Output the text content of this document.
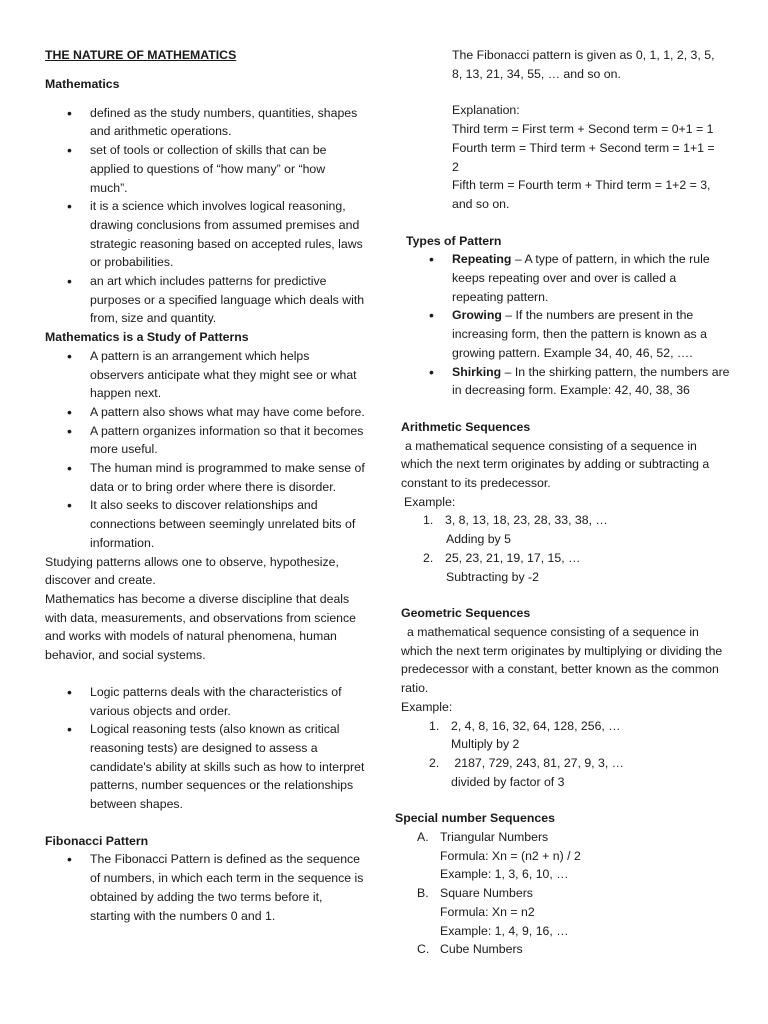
THE NATURE OF MATHEMATICS

Mathematics

• defined as the study numbers, quantities, shapes and arithmetic operations.
• set of tools or collection of skills that can be applied to questions of “how many” or “how much”.
• it is a science which involves logical reasoning, drawing conclusions from assumed premises and strategic reasoning based on accepted rules, laws or probabilities.
• an art which includes patterns for predictive purposes or a specified language which deals with from, size and quantity.

Mathematics is a Study of Patterns

• A pattern is an arrangement which helps observers anticipate what they might see or what happen next.
• A pattern also shows what may have come before.
• A pattern organizes information so that it becomes more useful.
• The human mind is programmed to make sense of data or to bring order where there is disorder.
• It also seeks to discover relationships and connections between seemingly unrelated bits of information.

Studying patterns allows one to observe, hypothesize, discover and create.

Mathematics has become a diverse discipline that deals with data, measurements, and observations from science and works with models of natural phenomena, human behavior, and social systems.

• Logic patterns deals with the characteristics of various objects and order.
• Logical reasoning tests (also known as critical reasoning tests) are designed to assess a candidate's ability at skills such as how to interpret patterns, number sequences or the relationships between shapes.

Fibonacci Pattern

• The Fibonacci Pattern is defined as the sequence of numbers, in which each term in the sequence is obtained by adding the two terms before it, starting with the numbers 0 and 1.

The Fibonacci pattern is given as 0, 1, 1, 2, 3, 5, 8, 13, 21, 34, 55, … and so on.

Explanation:

Third term = First term + Second term = 0+1 = 1

Fourth term = Third term + Second term = 1+1 = 2

Fifth term = Fourth term + Third term = 1+2 = 3, and so on.

Types of Pattern

• Repeating – A type of pattern, in which the rule keeps repeating over and over is called a repeating pattern.
• Growing – If the numbers are present in the increasing form, then the pattern is known as a growing pattern. Example 34, 40, 46, 52, ….
• Shirking – In the shirking pattern, the numbers are in decreasing form. Example: 42, 40, 38, 36

Arithmetic Sequences

a mathematical sequence consisting of a sequence in which the next term originates by adding or subtracting a constant to its predecessor.

Example:

1. 3, 8, 13, 18, 23, 28, 33, 38, …
Adding by 5
2. 25, 23, 21, 19, 17, 15, …
Subtracting by -2

Geometric Sequences

a mathematical sequence consisting of a sequence in which the next term originates by multiplying or dividing the predecessor with a constant, better known as the common ratio.

Example:

1. 2, 4, 8, 16, 32, 64, 128, 256, …
Multiply by 2
2. 2187, 729, 243, 81, 27, 9, 3, …
divided by factor of 3

Special number Sequences

A. Triangular Numbers
Formula: Xn = (n2 + n) / 2
Example: 1, 3, 6, 10, …
B. Square Numbers
Formula: Xn = n2
Example: 1, 4, 9, 16, …
C. Cube Numbers
